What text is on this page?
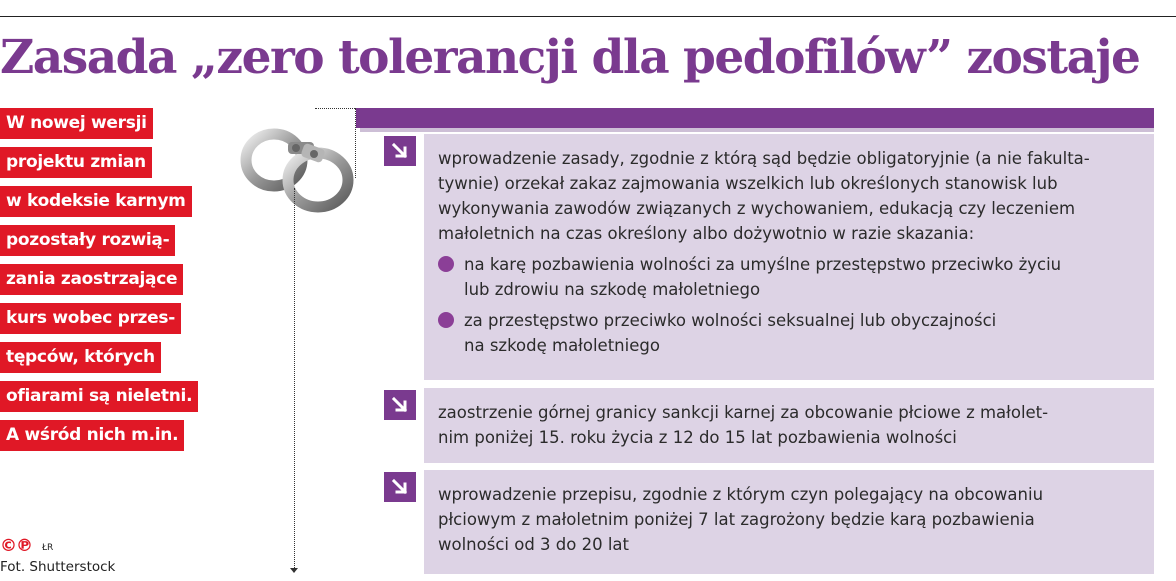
Zasada „zero tolerancji dla pedofilów” zostaje
W nowej wersji
projektu zmian
w kodeksie karnym
pozostały rozwią-
zania zaostrzające
kurs wobec przes-
tępców, których
ofiarami są nieletni.
A wśród nich m.in.

wprowadzenie zasady, zgodnie z którą sąd będzie obligatoryjnie (a nie fakulta-
tywnie) orzekał zakaz zajmowania wszelkich lub określonych stanowisk lub
wykonywania zawodów związanych z wychowaniem, edukacją czy leczeniem
małoletnich na czas określony albo dożywotnio w razie skazania:

na karę pozbawienia wolności za umyślne przestępstwo przeciwko życiu
lub zdrowiu na szkodę małoletniego
za przestępstwo przeciwko wolności seksualnej lub obyczajności
na szkodę małoletniego

zaostrzenie górnej granicy sankcji karnej za obcowanie płciowe z małolet-
nim poniżej 15. roku życia z 12 do 15 lat pozbawienia wolności

wprowadzenie przepisu, zgodnie z którym czyn polegający na obcowaniu
płciowym z małoletnim poniżej 7 lat zagrożony będzie karą pozbawienia
wolności od 3 do 20 lat

©℗ ŁR
Fot. Shutterstock
